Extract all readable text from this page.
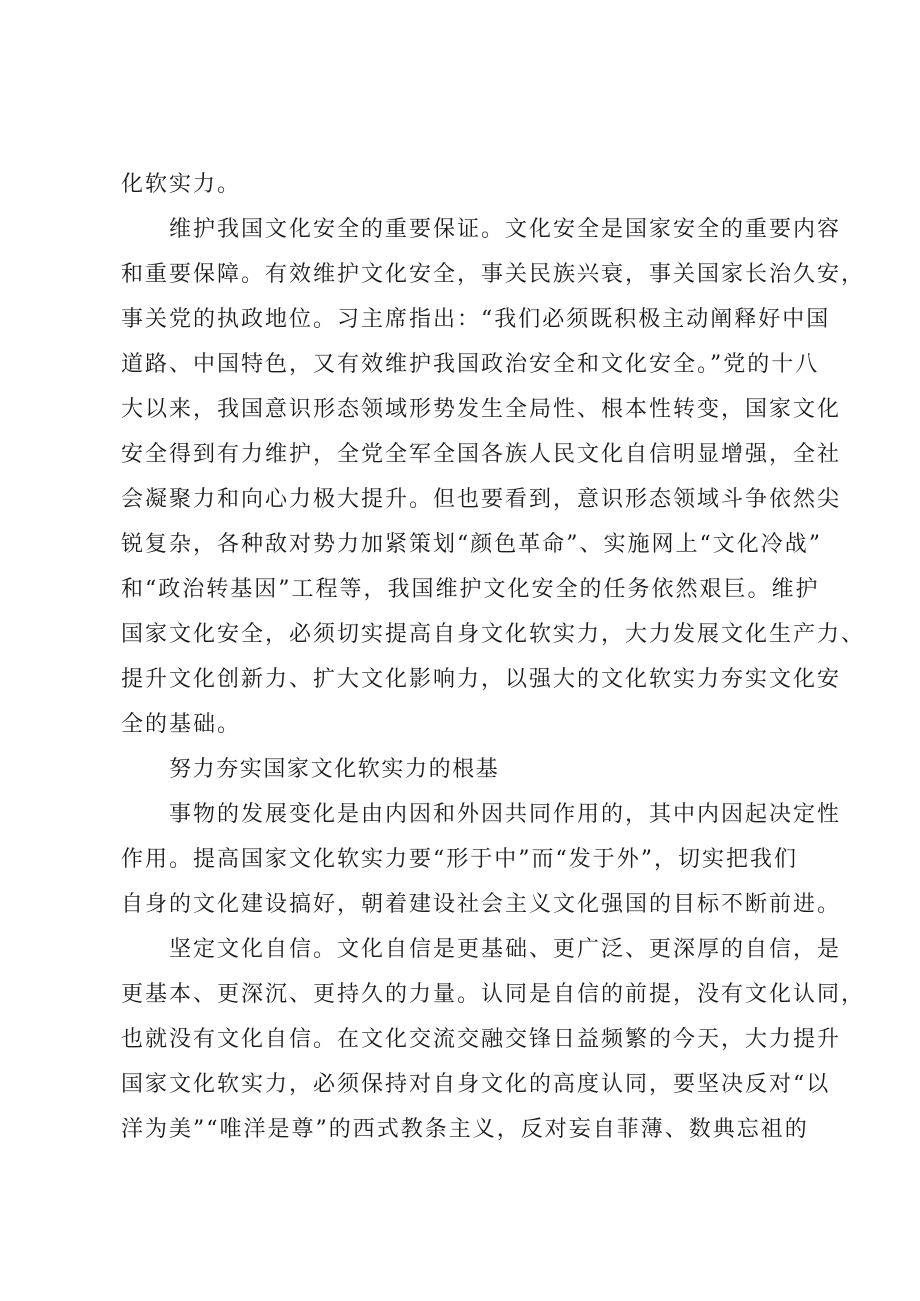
化软实力。
维护我国文化安全的重要保证。文化安全是国家安全的重要内容
和重要保障。有效维护文化安全，事关民族兴衰，事关国家长治久安，
事关党的执政地位。习主席指出：“我们必须既积极主动阐释好中国
道路、中国特色，又有效维护我国政治安全和文化安全。”党的十八
大以来，我国意识形态领域形势发生全局性、根本性转变，国家文化
安全得到有力维护，全党全军全国各族人民文化自信明显增强，全社
会凝聚力和向心力极大提升。但也要看到，意识形态领域斗争依然尖
锐复杂，各种敌对势力加紧策划“颜色革命”、实施网上“文化冷战”
和“政治转基因”工程等，我国维护文化安全的任务依然艰巨。维护
国家文化安全，必须切实提高自身文化软实力，大力发展文化生产力、
提升文化创新力、扩大文化影响力，以强大的文化软实力夯实文化安
全的基础。
努力夯实国家文化软实力的根基
事物的发展变化是由内因和外因共同作用的，其中内因起决定性
作用。提高国家文化软实力要“形于中”而“发于外”，切实把我们
自身的文化建设搞好，朝着建设社会主义文化强国的目标不断前进。
坚定文化自信。文化自信是更基础、更广泛、更深厚的自信，是
更基本、更深沉、更持久的力量。认同是自信的前提，没有文化认同，
也就没有文化自信。在文化交流交融交锋日益频繁的今天，大力提升
国家文化软实力，必须保持对自身文化的高度认同，要坚决反对“以
洋为美”“唯洋是尊”的西式教条主义，反对妄自菲薄、数典忘祖的
